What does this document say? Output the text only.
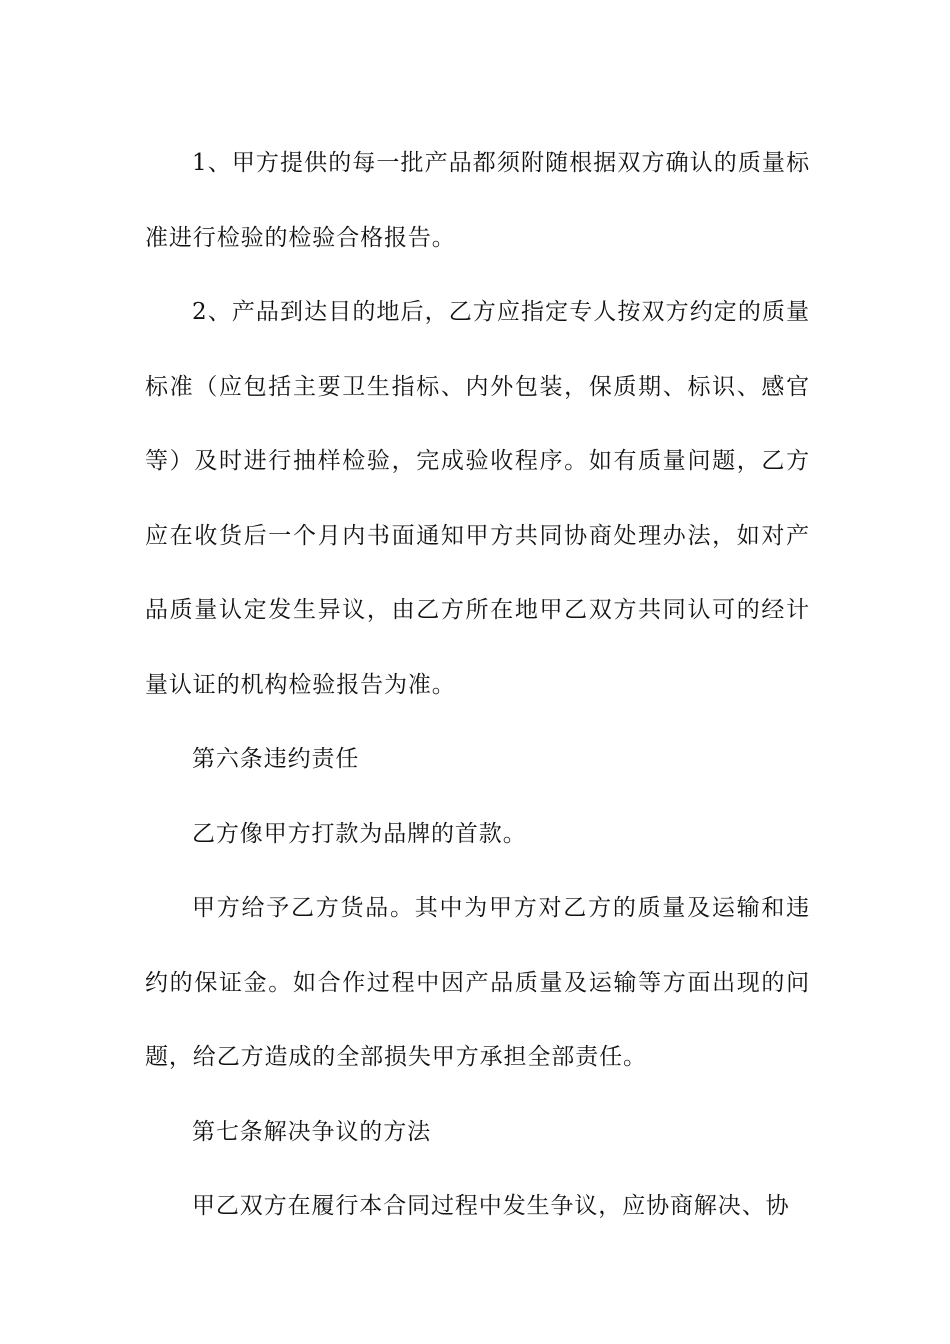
1、甲方提供的每一批产品都须附随根据双方确认的质量标准进行检验的检验合格报告。

2、产品到达目的地后，乙方应指定专人按双方约定的质量标准（应包括主要卫生指标、内外包装，保质期、标识、感官等）及时进行抽样检验，完成验收程序。如有质量问题，乙方应在收货后一个月内书面通知甲方共同协商处理办法，如对产品质量认定发生异议，由乙方所在地甲乙双方共同认可的经计量认证的机构检验报告为准。

第六条违约责任

乙方像甲方打款为品牌的首款。

甲方给予乙方货品。其中为甲方对乙方的质量及运输和违约的保证金。如合作过程中因产品质量及运输等方面出现的问题，给乙方造成的全部损失甲方承担全部责任。

第七条解决争议的方法

甲乙双方在履行本合同过程中发生争议，应协商解决、协
